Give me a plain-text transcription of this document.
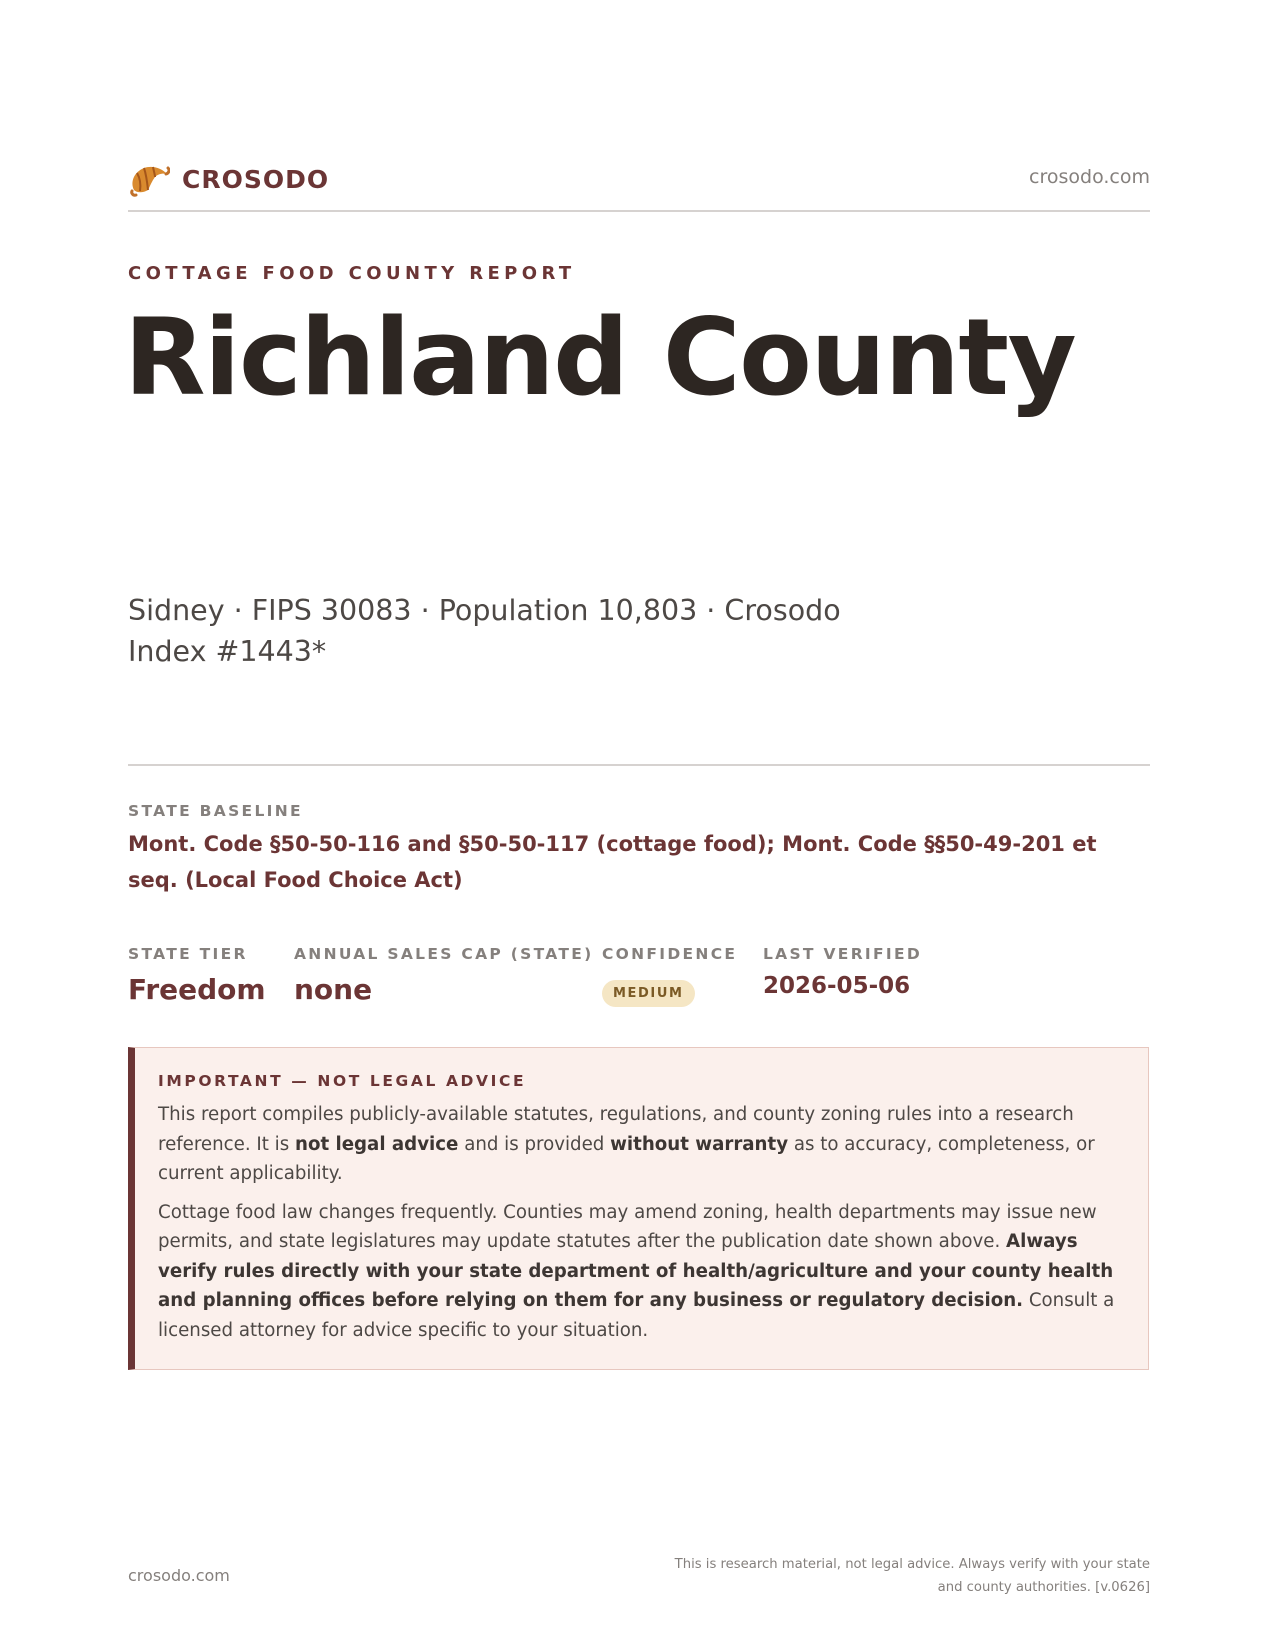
CROSODO	crosodo.com
COTTAGE FOOD COUNTY REPORT
Richland County
Sidney · FIPS 30083 · Population 10,803 · Crosodo Index #1443*
STATE BASELINE
Mont. Code §50-50-116 and §50-50-117 (cottage food); Mont. Code §§50-49-201 et seq. (Local Food Choice Act)
STATE TIER
Freedom
ANNUAL SALES CAP (STATE)
none
CONFIDENCE
MEDIUM
LAST VERIFIED
2026-05-06
IMPORTANT — NOT LEGAL ADVICE

This report compiles publicly-available statutes, regulations, and county zoning rules into a research reference. It is not legal advice and is provided without warranty as to accuracy, completeness, or current applicability.

Cottage food law changes frequently. Counties may amend zoning, health departments may issue new permits, and state legislatures may update statutes after the publication date shown above. Always verify rules directly with your state department of health/agriculture and your county health and planning offices before relying on them for any business or regulatory decision. Consult a licensed attorney for advice specific to your situation.

crosodo.com
This is research material, not legal advice. Always verify with your state
and county authorities. [v.0626]
